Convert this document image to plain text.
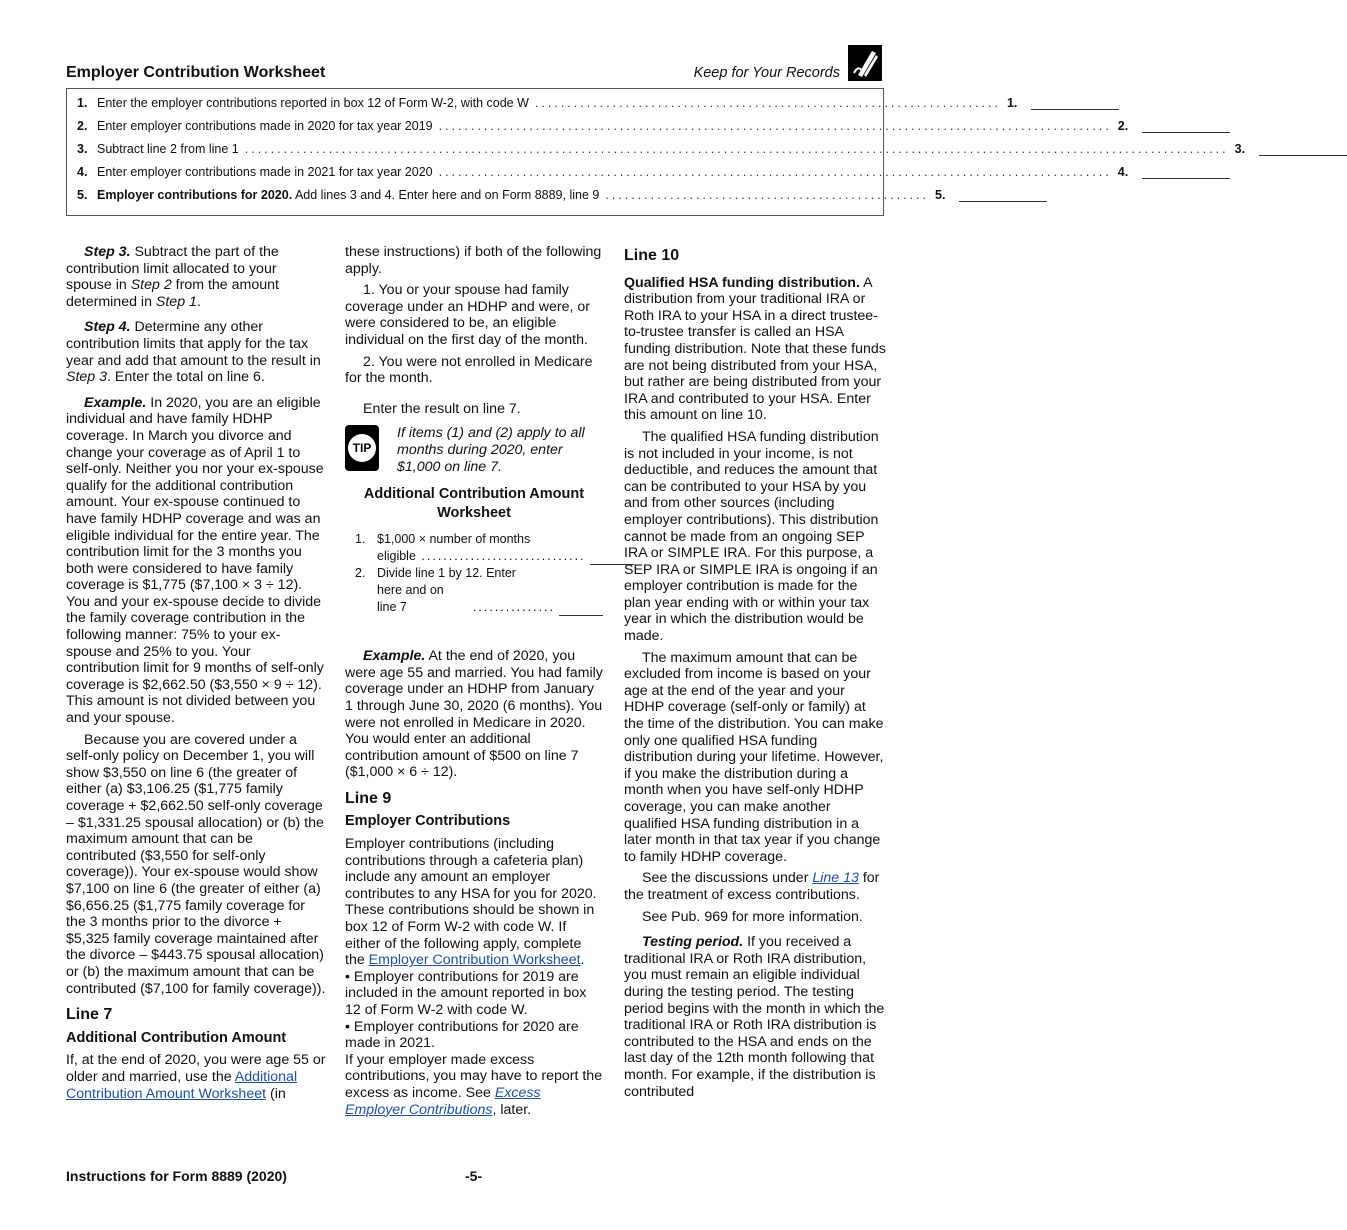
Employer Contribution Worksheet	Keep for Your Records
1. Enter the employer contributions reported in box 12 of Form W-2, with code W ........................................................................ 1.
2. Enter employer contributions made in 2020 for tax year 2019 ........................................................................................................ 2.
3. Subtract line 2 from line 1 ........................................................................................................................................................ 3.
4. Enter employer contributions made in 2021 for tax year 2020 ........................................................................................................ 4.
5. Employer contributions for 2020. Add lines 3 and 4. Enter here and on Form 8889, line 9 .................................................. 5.

Step 3. Subtract the part of the contribution limit allocated to your spouse in Step 2 from the amount determined in Step 1.

Step 4. Determine any other contribution limits that apply for the tax year and add that amount to the result in Step 3. Enter the total on line 6.

Example. In 2020, you are an eligible individual and have family HDHP coverage. In March you divorce and change your coverage as of April 1 to self-only. Neither you nor your ex-spouse qualify for the additional contribution amount. Your ex-spouse continued to have family HDHP coverage and was an eligible individual for the entire year. The contribution limit for the 3 months you both were considered to have family coverage is $1,775 ($7,100 × 3 ÷ 12). You and your ex-spouse decide to divide the family coverage contribution in the following manner: 75% to your ex-spouse and 25% to you. Your contribution limit for 9 months of self-only coverage is $2,662.50 ($3,550 × 9 ÷ 12). This amount is not divided between you and your spouse.

Because you are covered under a self-only policy on December 1, you will show $3,550 on line 6 (the greater of either (a) $3,106.25 ($1,775 family coverage + $2,662.50 self-only coverage – $1,331.25 spousal allocation) or (b) the maximum amount that can be contributed ($3,550 for self-only coverage)). Your ex-spouse would show $7,100 on line 6 (the greater of either (a) $6,656.25 ($1,775 family coverage for the 3 months prior to the divorce + $5,325 family coverage maintained after the divorce – $443.75 spousal allocation) or (b) the maximum amount that can be contributed ($7,100 for family coverage)).

Line 7
Additional Contribution Amount

If, at the end of 2020, you were age 55 or older and married, use the Additional Contribution Amount Worksheet (in

these instructions) if both of the following apply.

1. You or your spouse had family coverage under an HDHP and were, or were considered to be, an eligible individual on the first day of the month.

2. You were not enrolled in Medicare for the month.

Enter the result on line 7.

TIP
If items (1) and (2) apply to all months during 2020, enter $1,000 on line 7.
Additional Contribution Amount Worksheet
1. $1,000 × number of months
eligible ..............................
2. Divide line 1 by 12. Enter
here and on line 7	...............

Example. At the end of 2020, you were age 55 and married. You had family coverage under an HDHP from January 1 through June 30, 2020 (6 months). You were not enrolled in Medicare in 2020. You would enter an additional contribution amount of $500 on line 7 ($1,000 × 6 ÷ 12).

Line 9
Employer Contributions

Employer contributions (including contributions through a cafeteria plan) include any amount an employer contributes to any HSA for you for 2020. These contributions should be shown in box 12 of Form W-2 with code W. If either of the following apply, complete the Employer Contribution Worksheet.

• Employer contributions for 2019 are included in the amount reported in box 12 of Form W-2 with code W.

• Employer contributions for 2020 are made in 2021.

If your employer made excess contributions, you may have to report the excess as income. See Excess Employer Contributions, later.

Line 10

Qualified HSA funding distribution. A distribution from your traditional IRA or Roth IRA to your HSA in a direct trustee-to-trustee transfer is called an HSA funding distribution. Note that these funds are not being distributed from your HSA, but rather are being distributed from your IRA and contributed to your HSA. Enter this amount on line 10.

The qualified HSA funding distribution is not included in your income, is not deductible, and reduces the amount that can be contributed to your HSA by you and from other sources (including employer contributions). This distribution cannot be made from an ongoing SEP IRA or SIMPLE IRA. For this purpose, a SEP IRA or SIMPLE IRA is ongoing if an employer contribution is made for the plan year ending with or within your tax year in which the distribution would be made.

The maximum amount that can be excluded from income is based on your age at the end of the year and your HDHP coverage (self-only or family) at the time of the distribution. You can make only one qualified HSA funding distribution during your lifetime. However, if you make the distribution during a month when you have self-only HDHP coverage, you can make another qualified HSA funding distribution in a later month in that tax year if you change to family HDHP coverage.

See the discussions under Line 13 for the treatment of excess contributions.

See Pub. 969 for more information.

Testing period. If you received a traditional IRA or Roth IRA distribution, you must remain an eligible individual during the testing period. The testing period begins with the month in which the traditional IRA or Roth IRA distribution is contributed to the HSA and ends on the last day of the 12th month following that month. For example, if the distribution is contributed

Instructions for Form 8889 (2020)	-5-
